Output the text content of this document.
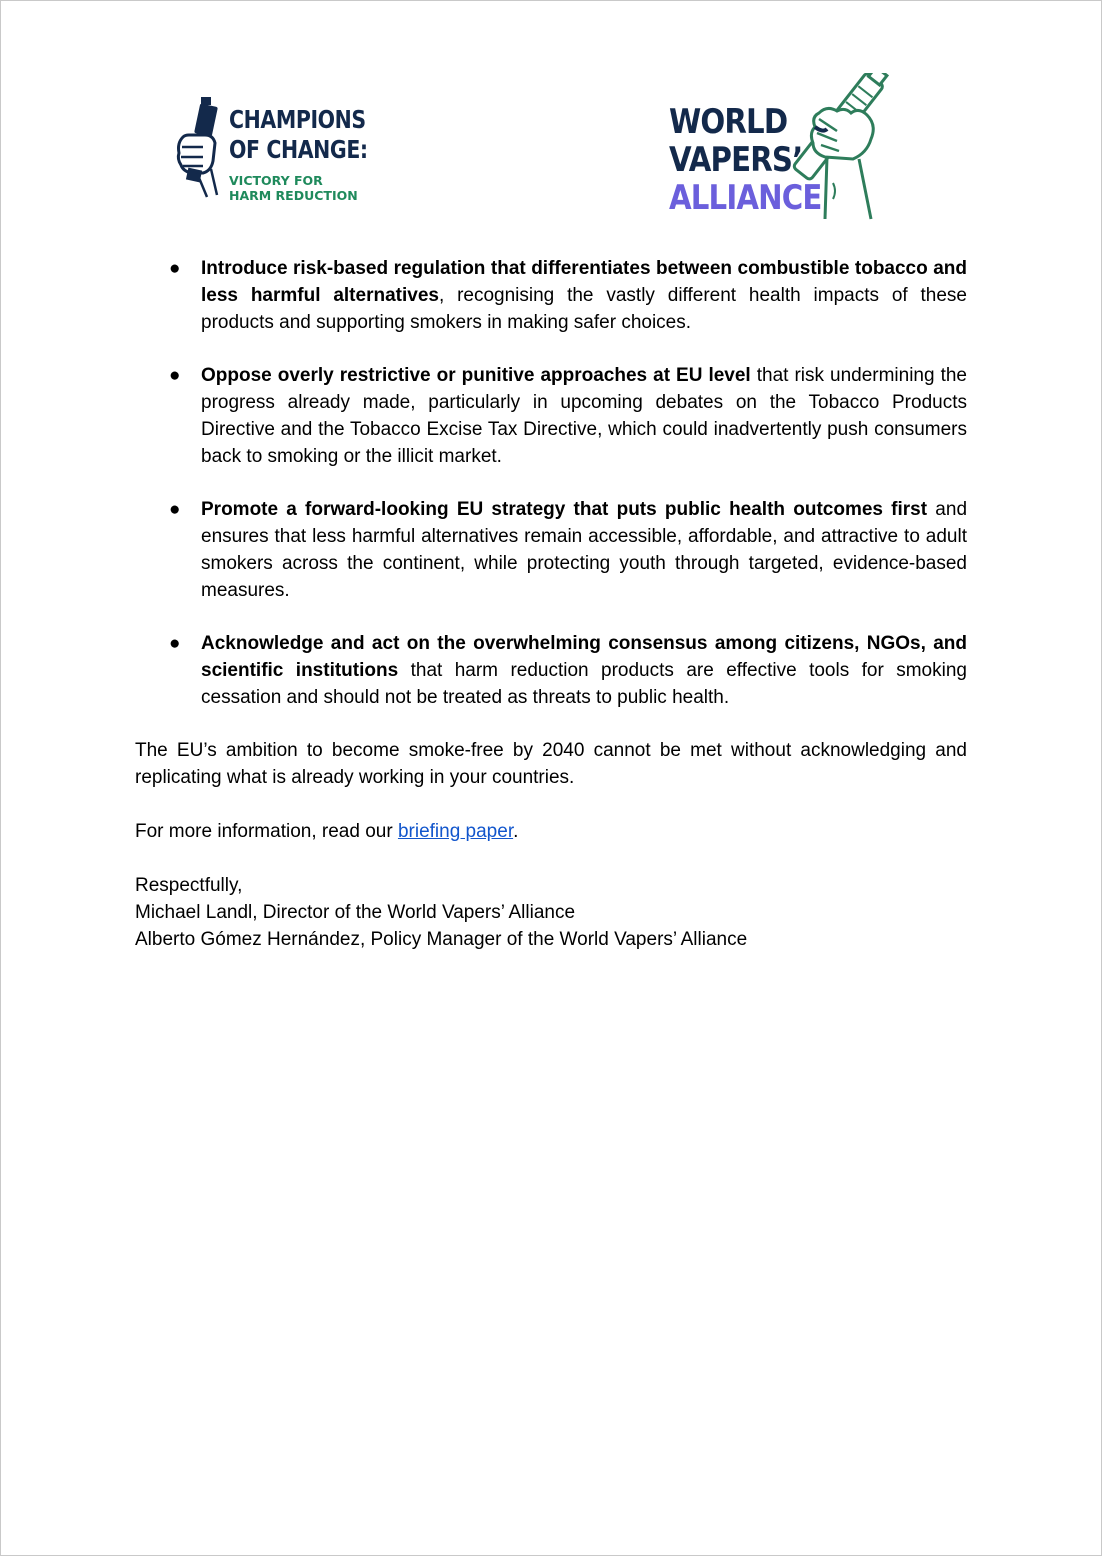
CHAMPIONS
OF CHANGE:
VICTORY FOR
HARM REDUCTION
WORLD
VAPERS’
ALLIANCE
● Introduce risk-based regulation that differentiates between combustible tobacco and less harmful alternatives, recognising the vastly different health impacts of these products and supporting smokers in making safer choices.
● Oppose overly restrictive or punitive approaches at EU level that risk undermining the progress already made, particularly in upcoming debates on the Tobacco Products Directive and the Tobacco Excise Tax Directive, which could inadvertently push consumers back to smoking or the illicit market.
● Promote a forward-looking EU strategy that puts public health outcomes first and ensures that less harmful alternatives remain accessible, affordable, and attractive to adult smokers across the continent, while protecting youth through targeted, evidence-based measures.
● Acknowledge and act on the overwhelming consensus among citizens, NGOs, and scientific institutions that harm reduction products are effective tools for smoking cessation and should not be treated as threats to public health.

The EU’s ambition to become smoke-free by 2040 cannot be met without acknowledging and replicating what is already working in your countries.

For more information, read our briefing paper.

Respectfully,
Michael Landl, Director of the World Vapers’ Alliance
Alberto Gómez Hernández, Policy Manager of the World Vapers’ Alliance
